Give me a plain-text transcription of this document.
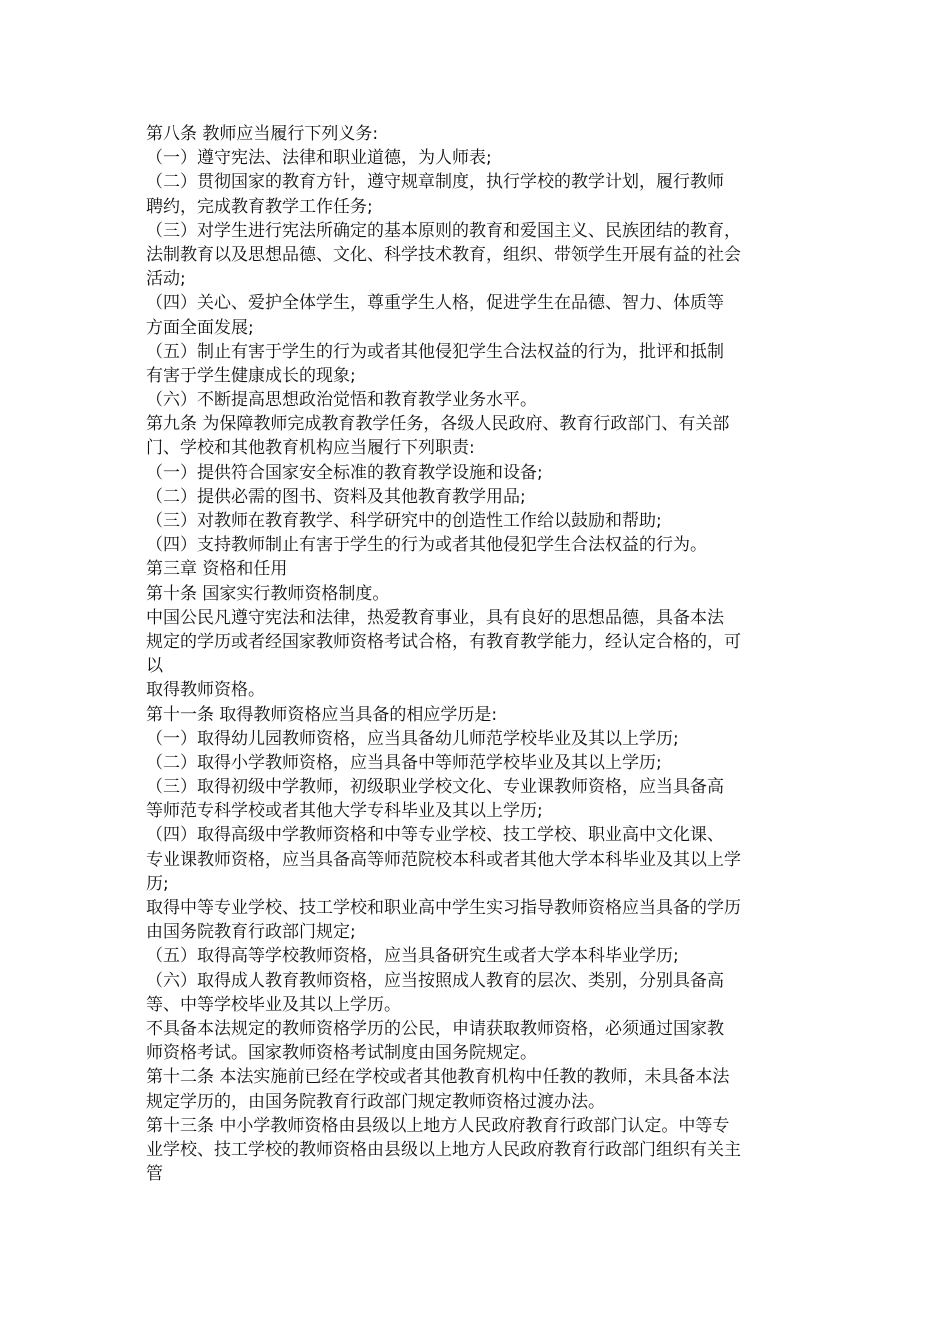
第八条 教师应当履行下列义务:
（一）遵守宪法、法律和职业道德，为人师表;
（二）贯彻国家的教育方针，遵守规章制度，执行学校的教学计划，履行教师
聘约，完成教育教学工作任务;
（三）对学生进行宪法所确定的基本原则的教育和爱国主义、民族团结的教育，
法制教育以及思想品德、文化、科学技术教育，组织、带领学生开展有益的社会
活动;
（四）关心、爱护全体学生，尊重学生人格，促进学生在品德、智力、体质等
方面全面发展;
（五）制止有害于学生的行为或者其他侵犯学生合法权益的行为，批评和抵制
有害于学生健康成长的现象;
（六）不断提高思想政治觉悟和教育教学业务水平。
第九条 为保障教师完成教育教学任务，各级人民政府、教育行政部门、有关部
门、学校和其他教育机构应当履行下列职责:
（一）提供符合国家安全标准的教育教学设施和设备;
（二）提供必需的图书、资料及其他教育教学用品;
（三）对教师在教育教学、科学研究中的创造性工作给以鼓励和帮助;
（四）支持教师制止有害于学生的行为或者其他侵犯学生合法权益的行为。
第三章 资格和任用
第十条 国家实行教师资格制度。
中国公民凡遵守宪法和法律，热爱教育事业，具有良好的思想品德，具备本法
规定的学历或者经国家教师资格考试合格，有教育教学能力，经认定合格的，可
以
取得教师资格。
第十一条 取得教师资格应当具备的相应学历是:
（一）取得幼儿园教师资格，应当具备幼儿师范学校毕业及其以上学历;
（二）取得小学教师资格，应当具备中等师范学校毕业及其以上学历;
（三）取得初级中学教师，初级职业学校文化、专业课教师资格，应当具备高
等师范专科学校或者其他大学专科毕业及其以上学历;
（四）取得高级中学教师资格和中等专业学校、技工学校、职业高中文化课、
专业课教师资格，应当具备高等师范院校本科或者其他大学本科毕业及其以上学
历;
取得中等专业学校、技工学校和职业高中学生实习指导教师资格应当具备的学历
由国务院教育行政部门规定;
（五）取得高等学校教师资格，应当具备研究生或者大学本科毕业学历;
（六）取得成人教育教师资格，应当按照成人教育的层次、类别，分别具备高
等、中等学校毕业及其以上学历。
不具备本法规定的教师资格学历的公民，申请获取教师资格，必须通过国家教
师资格考试。国家教师资格考试制度由国务院规定。
第十二条 本法实施前已经在学校或者其他教育机构中任教的教师，未具备本法
规定学历的，由国务院教育行政部门规定教师资格过渡办法。
第十三条 中小学教师资格由县级以上地方人民政府教育行政部门认定。中等专
业学校、技工学校的教师资格由县级以上地方人民政府教育行政部门组织有关主
管
